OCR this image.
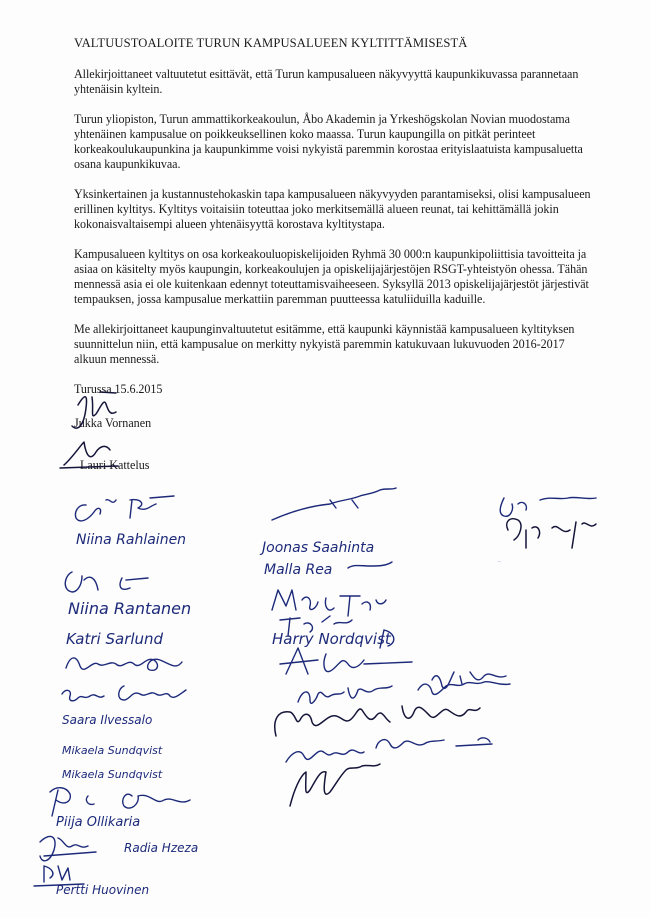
VALTUUSTOALOITE TURUN KAMPUSALUEEN KYLTITTÄMISESTÄ

Allekirjoittaneet valtuutetut esittävät, että Turun kampusalueen näkyvyyttä kaupunkikuvassa parannetaan yhtenäisin kyltein.

Turun yliopiston, Turun ammattikorkeakoulun, Åbo Akademin ja Yrkeshögskolan Novian muodostama yhtenäinen kampusalue on poikkeuksellinen koko maassa. Turun kaupungilla on pitkät perinteet korkeakoulukaupunkina ja kaupunkimme voisi nykyistä paremmin korostaa erityislaatuista kampusaluetta osana kaupunkikuvaa.

Yksinkertainen ja kustannustehokaskin tapa kampusalueen näkyvyyden parantamiseksi, olisi kampusalueen erillinen kyltitys. Kyltitys voitaisiin toteuttaa joko merkitsemällä alueen reunat, tai kehittämällä jokin kokonaisvaltaisempi alueen yhtenäisyyttä korostava kyltitystapa.

Kampusalueen kyltitys on osa korkeakouluopiskelijoiden Ryhmä 30 000:n kaupunkipoliittisia tavoitteita ja asiaa on käsitelty myös kaupungin, korkeakoulujen ja opiskelijajärjestöjen RSGT-yhteistyön ohessa. Tähän mennessä asia ei ole kuitenkaan edennyt toteuttamisvaiheeseen. Syksyllä 2013 opiskelijajärjestöt järjestivät tempauksen, jossa kampusalue merkattiin paremman puutteessa katuliiduilla kaduille.

Me allekirjoittaneet kaupunginvaltuutetut esitämme, että kaupunki käynnistää kampusalueen kyltityksen suunnittelun niin, että kampusalue on merkitty nykyistä paremmin katukuvaan lukuvuoden 2016-2017 alkuun mennessä.

Turussa 15.6.2015

Jukka Vornanen
Lauri Kattelus
Niina Rahlainen
Niina Rantanen
Katri Sarlund
Saara Ilvessalo
Mikaela Sundqvist
Mikaela Sundqvist
Piija Ollikaria
Radia Hzeza
Pertti Huovinen
Joonas Saahinta
Malla Rea
Harry Nordqvist
Esa Yli
